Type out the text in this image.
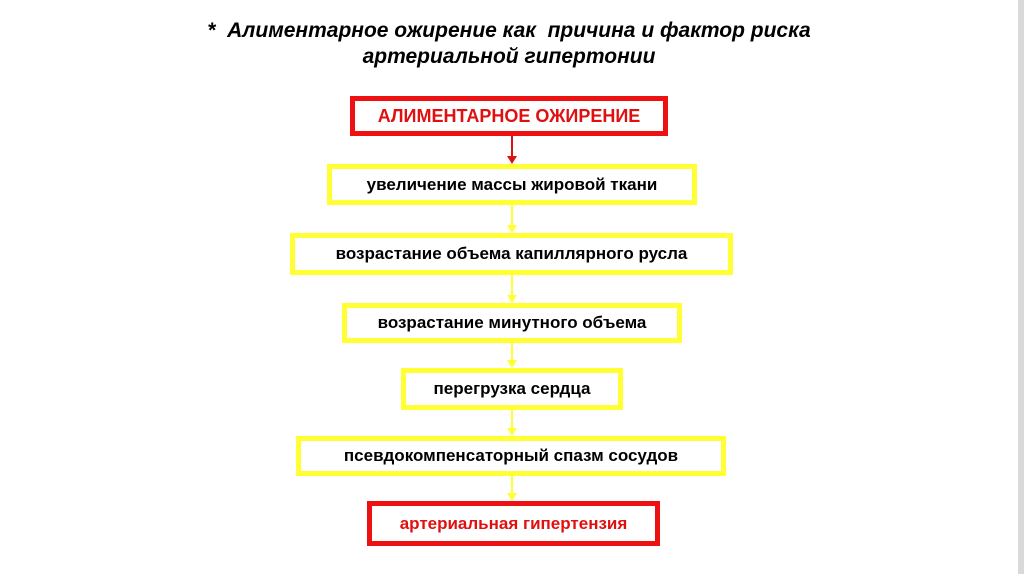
*  Алиментарное ожирение как  причина и фактор риска
артериальной гипертонии
АЛИМЕНТАРНОЕ ОЖИРЕНИЕ
увеличение массы жировой ткани
возрастание объема капиллярного русла
возрастание минутного объема
перегрузка сердца
псевдокомпенсаторный спазм сосудов
артериальная гипертензия
